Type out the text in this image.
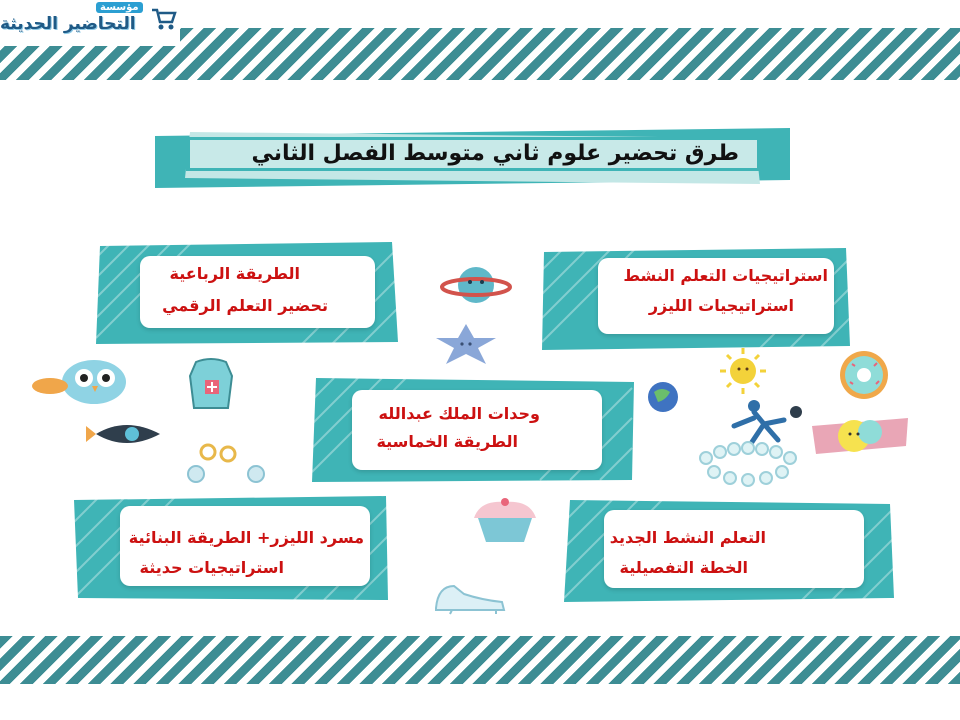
مؤسسة
التحاضير الحديثة
طرق تحضير علوم ثاني متوسط الفصل الثاني
الطريقة الرباعية
تحضير التعلم الرقمي
استراتيجيات التعلم النشط
استراتيجيات الليزر
وحدات الملك عبدالله
الطريقة الخماسية
مسرد الليزر+ الطريقة البنائية
استراتيجيات حديثة
التعلم النشط الجديد
الخطة التفصيلية
